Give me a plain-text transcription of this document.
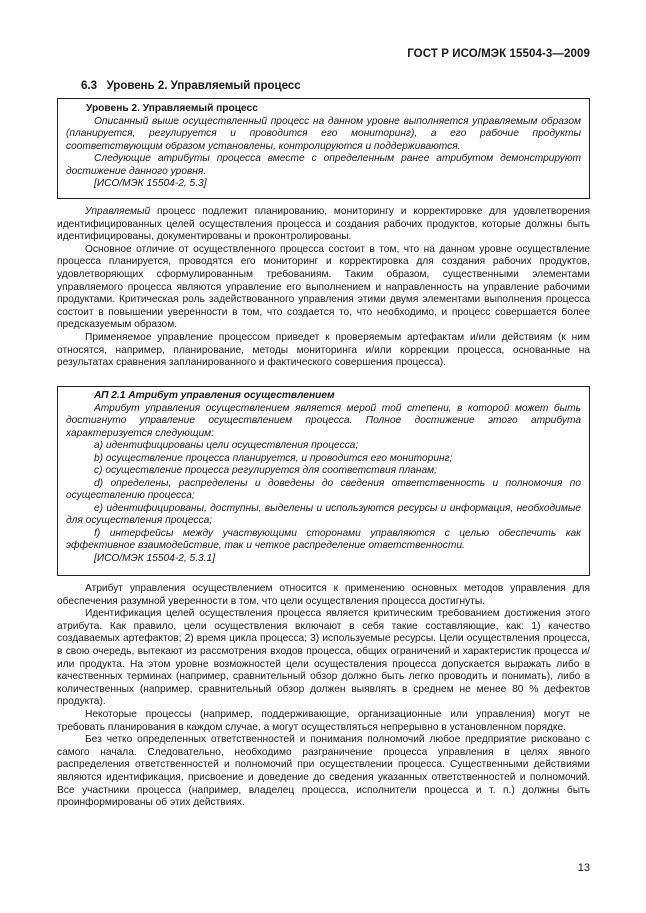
ГОСТ Р ИСО/МЭК 15504-3—2009
6.3 Уровень 2. Управляемый процесс

Уровень 2. Управляемый процесс

Описанный выше осуществленный процесс на данном уровне выполняется управляемым образом (планируется, регулируется и проводится его мониторинг), а его рабочие продукты соответствующим образом установлены, контролируются и поддерживаются.

Следующие атрибуты процесса вместе с определенным ранее атрибутом демонстрируют достижение данного уровня.

[ИСО/МЭК 15504-2, 5.3]

Управляемый процесс подлежит планированию, мониторингу и корректировке для удовлетворения идентифицированных целей осуществления процесса и создания рабочих продуктов, которые должны быть идентифицированы, документированы и проконтролированы.

Основное отличие от осуществленного процесса состоит в том, что на данном уровне осуществление процесса планируется, проводятся его мониторинг и корректировка для создания рабочих продуктов, удовлетворяющих сформулированным требованиям. Таким образом, существенными элементами управляемого процесса являются управление его выполнением и направленность на управление рабочими продуктами. Критическая роль задействованного управления этими двумя элементами выполнения процесса состоит в повышении уверенности в том, что создается то, что необходимо, и процесс совершается более предсказуемым образом.

Применяемое управление процессом приведет к проверяемым артефактам и/или действиям (к ним относятся, например, планирование, методы мониторинга и/или коррекции процесса, основанные на результатах сравнения запланированного и фактического совершения процесса).

АП 2.1 Атрибут управления осуществлением

Атрибут управления осуществлением является мерой той степени, в которой может быть достигнуто управление осуществлением процесса. Полное достижение этого атрибута характеризуется следующим:

a) идентифицированы цели осуществления процесса;

b) осуществление процесса планируется, и проводится его мониторинг;

c) осуществление процесса регулируется для соответствия планам;

d) определены, распределены и доведены до сведения ответственность и полномочия по осуществлению процесса;

e) идентифицированы, доступны, выделены и используются ресурсы и информация, необходимые для осуществления процесса;

f) интерфейсы между участвующими сторонами управляются с целью обеспечить как эффективное взаимодействие, так и четкое распределение ответственности.

[ИСО/МЭК 15504-2, 5.3.1]

Атрибут управления осуществлением относится к применению основных методов управления для обеспечения разумной уверенности в том, что цели осуществления процесса достигнуты.

Идентификация целей осуществления процесса является критическим требованием достижения этого атрибута. Как правило, цели осуществления включают в себя такие составляющие, как: 1) качество создаваемых артефактов; 2) время цикла процесса; 3) используемые ресурсы. Цели осуществления процесса, в свою очередь, вытекают из рассмотрения входов процесса, общих ограничений и характеристик процесса и/или продукта. На этом уровне возможностей цели осуществления процесса допускается выражать либо в качественных терминах (например, сравнительный обзор должно быть легко проводить и понимать), либо в количественных (например, сравнительный обзор должен выявлять в среднем не менее 80 % дефектов продукта).

Некоторые процессы (например, поддерживающие, организационные или управления) могут не требовать планирования в каждом случае, а могут осуществляться непрерывно в установленном порядке.

Без четко определенных ответственностей и понимания полномочий любое предприятие рисковано с самого начала. Следовательно, необходимо разграничение процесса управления в целях явного распределения ответственностей и полномочий при осуществлении процесса. Существенными действиями являются идентификация, присвоение и доведение до сведения указанных ответственностей и полномочий. Все участники процесса (например, владелец процесса, исполнители процесса и т. п.) должны быть проинформированы об этих действиях.

13
